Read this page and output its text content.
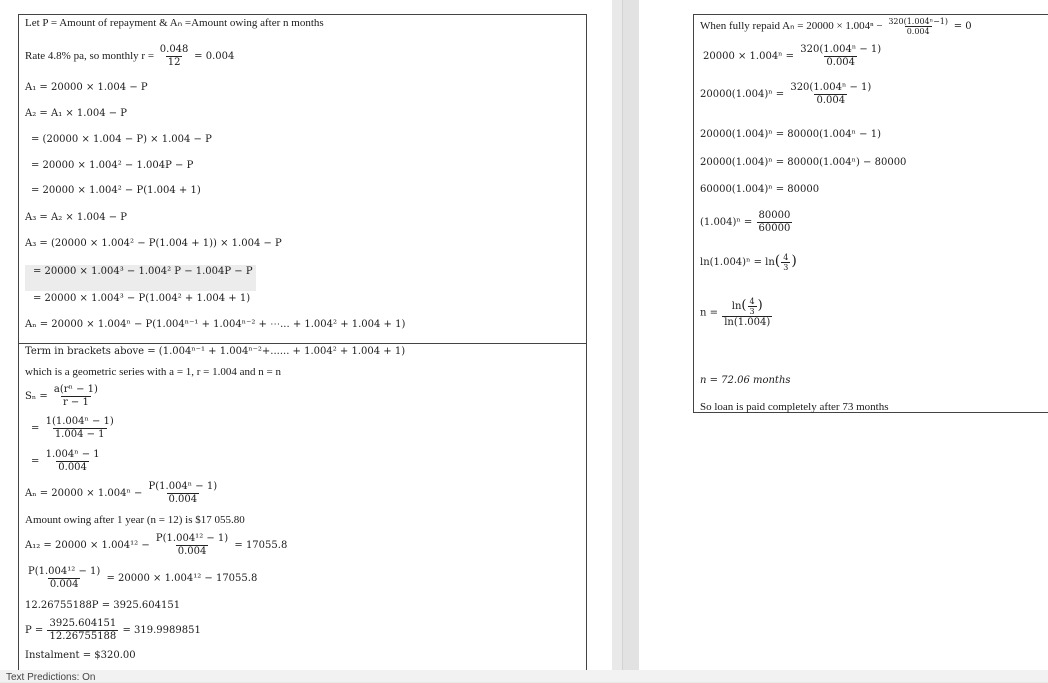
Let P = Amount of repayment & Aₙ =Amount owing after n months
Rate 4.8% pa, so monthly $r = \frac{0.048}{12} = 0.004$
A₁ = 20000 × 1.004 − P
A₂ = A₁ × 1.004 − P
= (20000 × 1.004 − P) × 1.004 − P
= 20000 × 1.004² − 1.004P − P
= 20000 × 1.004² − P(1.004 + 1)
A₃ = A₂ × 1.004 − P
A₃ = (20000 × 1.004² − P(1.004 + 1)) × 1.004 − P
= 20000 × 1.004³ − 1.004² P − 1.004P − P
= 20000 × 1.004³ − P(1.004² + 1.004 + 1)
Aₙ = 20000 × 1.004ⁿ − P(1.004ⁿ⁻¹ + 1.004ⁿ⁻² + ⋯... + 1.004² + 1.004 + 1)
Term in brackets above = (1.004ⁿ⁻¹ + 1.004ⁿ⁻²+...... + 1.004² + 1.004 + 1)
which is a geometric series with a = 1, r = 1.004 and n = n
$S_n = \frac{\text{a(rⁿ − 1)}}{r - 1}$
= $\frac{\text{1(1.004ⁿ − 1)}}{1.004 - 1}$
= $\frac{\text{1.004ⁿ − 1}}{0.004}$
$A_n = 20000 \times 1.004^n - \frac{\text{P(1.004ⁿ − 1)}}{0.004}$
Amount owing after 1 year (n = 12) is $17 055.80
$A_{12} = 20000 \times 1.004^{12} - \frac{\text{P(1.004¹² − 1)}}{0.004} = 17055.8$
$\frac{\text{P(1.004¹² − 1)}}{0.004} = 20000 \times 1.004^{12} - 17055.8$
12.26755188P = 3925.604151
$P = \frac{3925.604151}{12.26755188} = 319.9989851$
Instalment = $320.00
When fully repaid $A_n = 20000 \times 1.004^n - \frac{\text{320(1.004ⁿ−1)}}{0.004} = 0$
$20000 \times 1.004^n = \frac{\text{320(1.004ⁿ − 1)}}{0.004}$
$20000(1.004)^n = \frac{\text{320(1.004ⁿ − 1)}}{0.004}$
20000(1.004)ⁿ = 80000(1.004ⁿ − 1)
20000(1.004)ⁿ = 80000(1.004ⁿ) − 80000
60000(1.004)ⁿ = 80000
$(1.004)^n = \frac{80000}{60000}$
$\ln(1.004)^n = \ln( \frac{4}{3}$ )
$n = \frac{\ln( \frac{4}{3} )}{\ln(1.004)}$
n = 72.06 months
So loan is paid completely after 73 months
Text Predictions: On
